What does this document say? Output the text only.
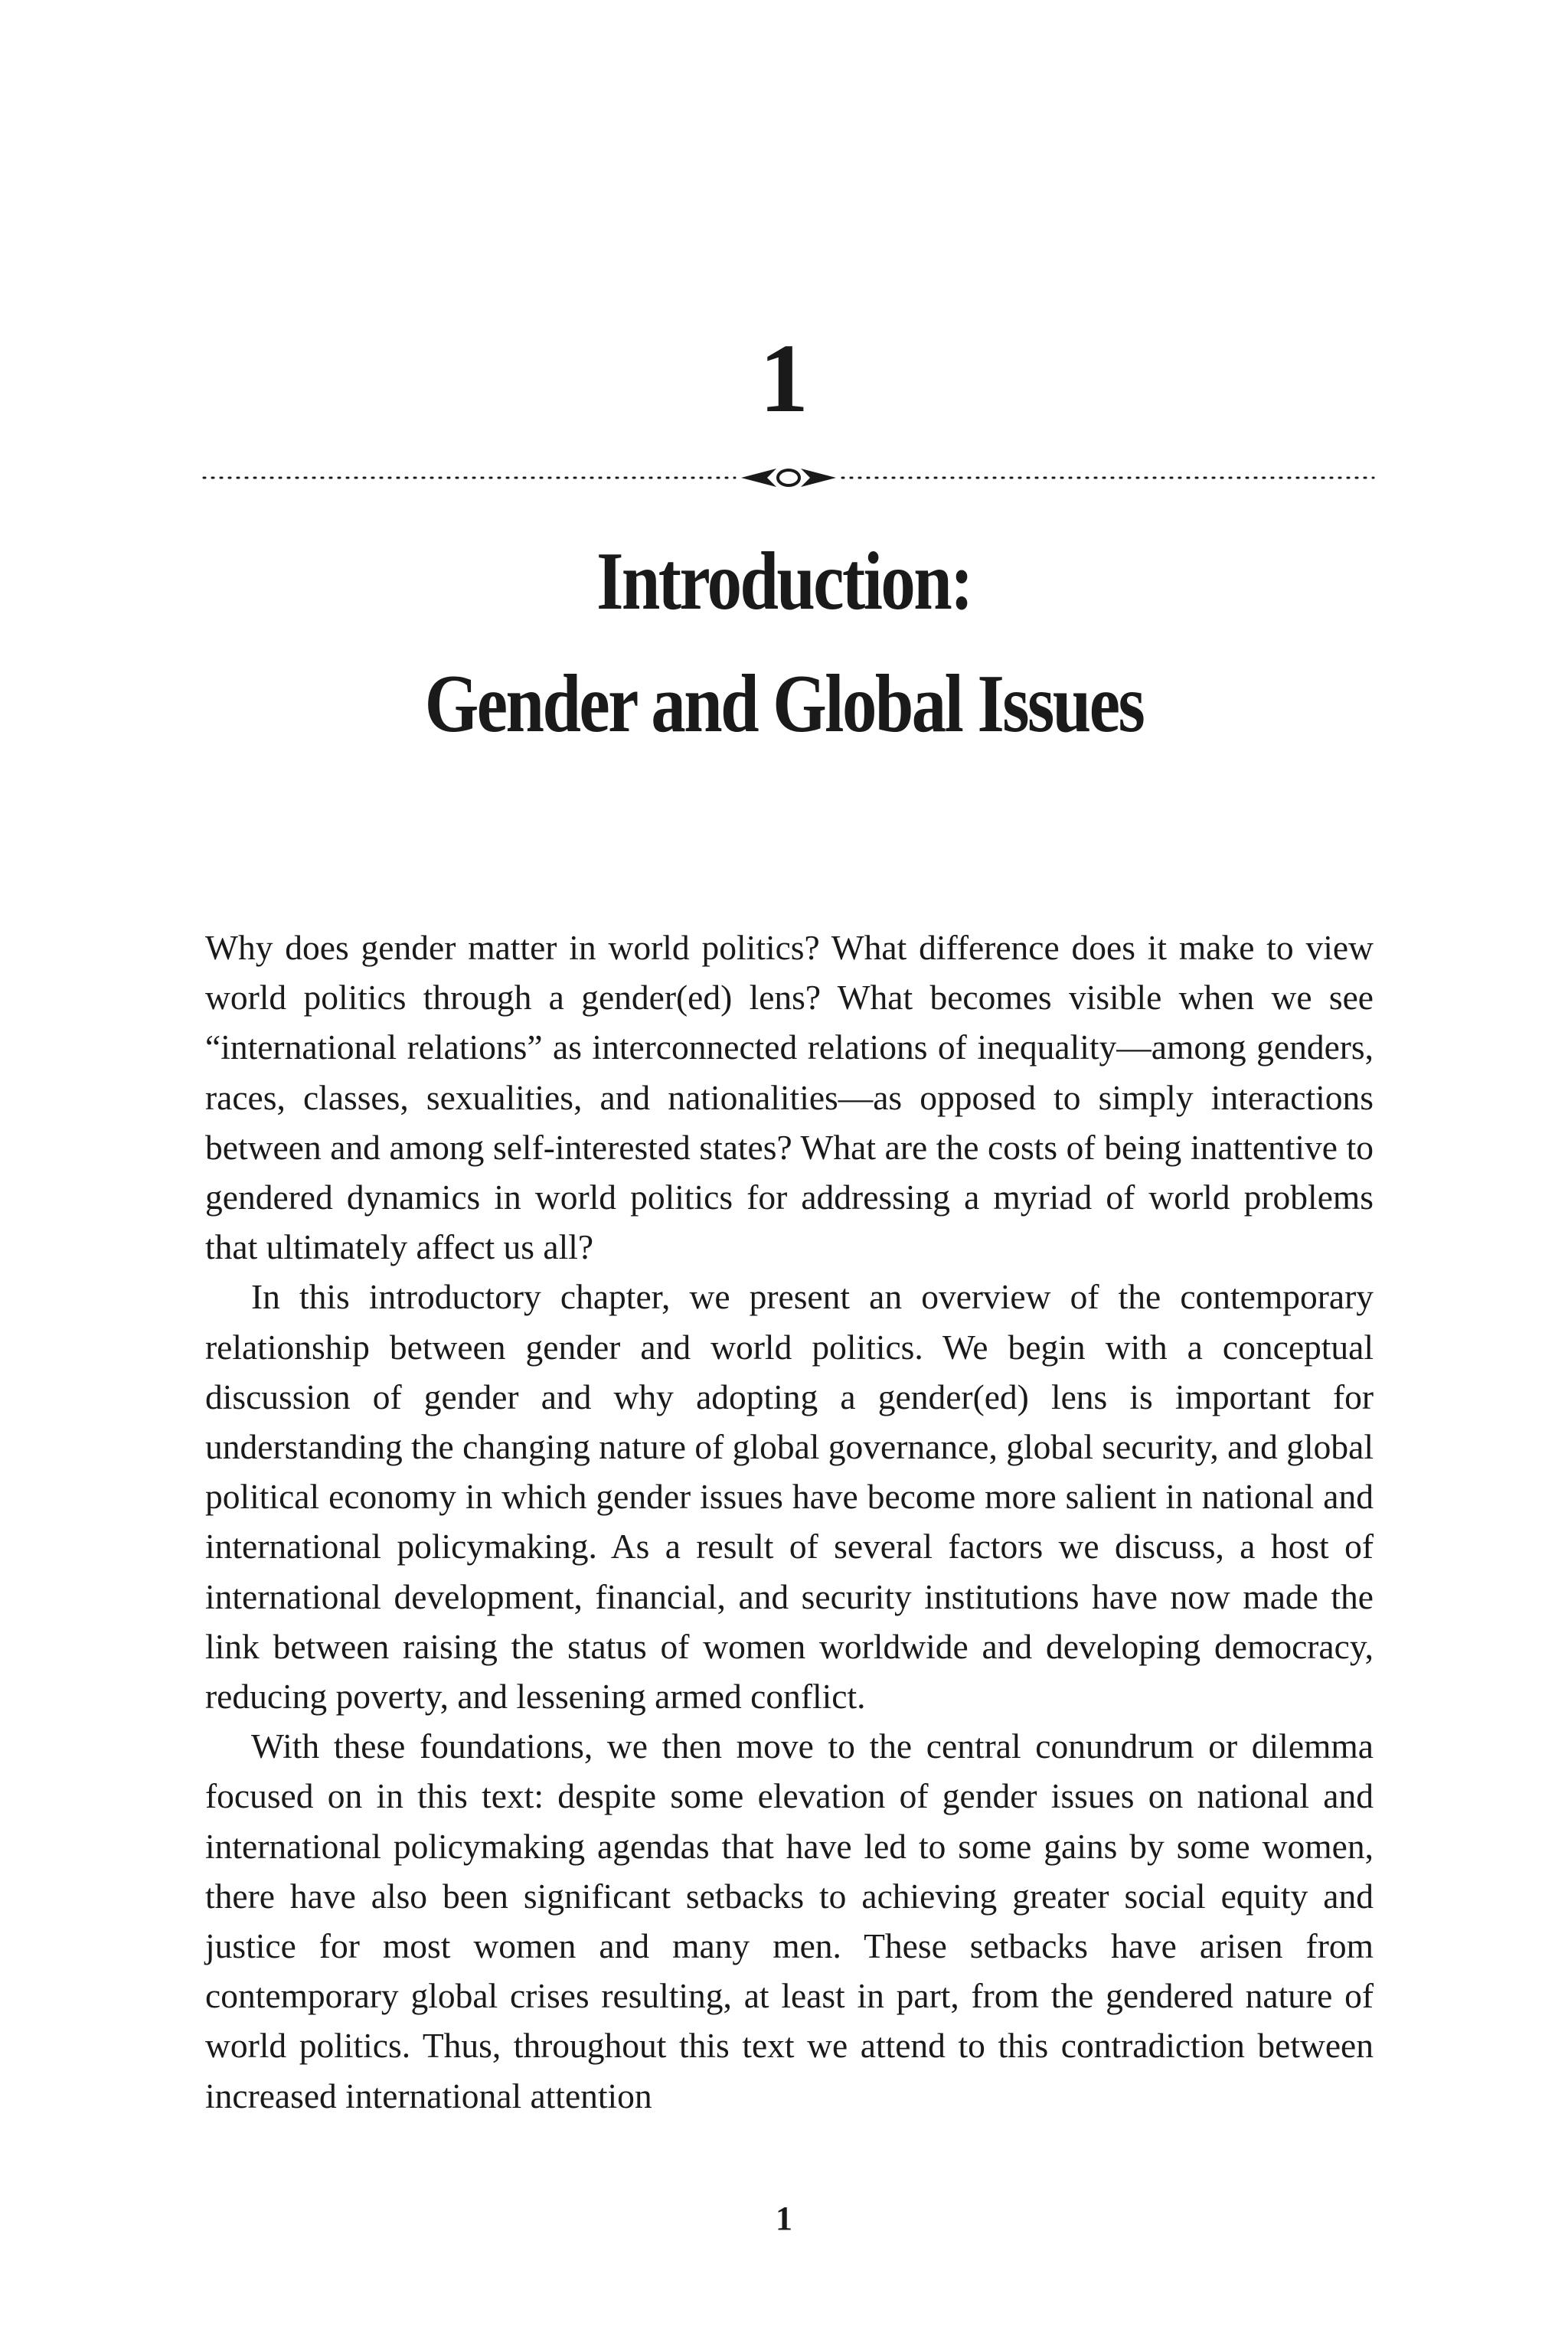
1
Introduction:
Gender and Global Issues

Why does gender matter in world politics? What difference does it make to view world politics through a gender(ed) lens? What becomes visible when we see “international relations” as interconnected relations of inequality—among genders, races, classes, sexualities, and nationalities—as opposed to simply interactions between and among self-interested states? What are the costs of being inattentive to gendered dynamics in world politics for addressing a myriad of world problems that ultimately affect us all?

In this introductory chapter, we present an overview of the contemporary relationship between gender and world politics. We begin with a conceptual discussion of gender and why adopting a gender(ed) lens is important for understanding the changing nature of global governance, global security, and global political economy in which gender issues have become more salient in national and international policymaking. As a result of several factors we discuss, a host of international development, financial, and security institutions have now made the link between raising the status of women worldwide and developing democracy, reducing poverty, and lessening armed conflict.

With these foundations, we then move to the central conundrum or dilemma focused on in this text: despite some elevation of gender issues on national and international policymaking agendas that have led to some gains by some women, there have also been significant setbacks to achieving greater social equity and justice for most women and many men. These setbacks have arisen from contemporary global crises resulting, at least in part, from the gendered nature of world politics. Thus, throughout this text we attend to this contradiction between increased international attention

1
